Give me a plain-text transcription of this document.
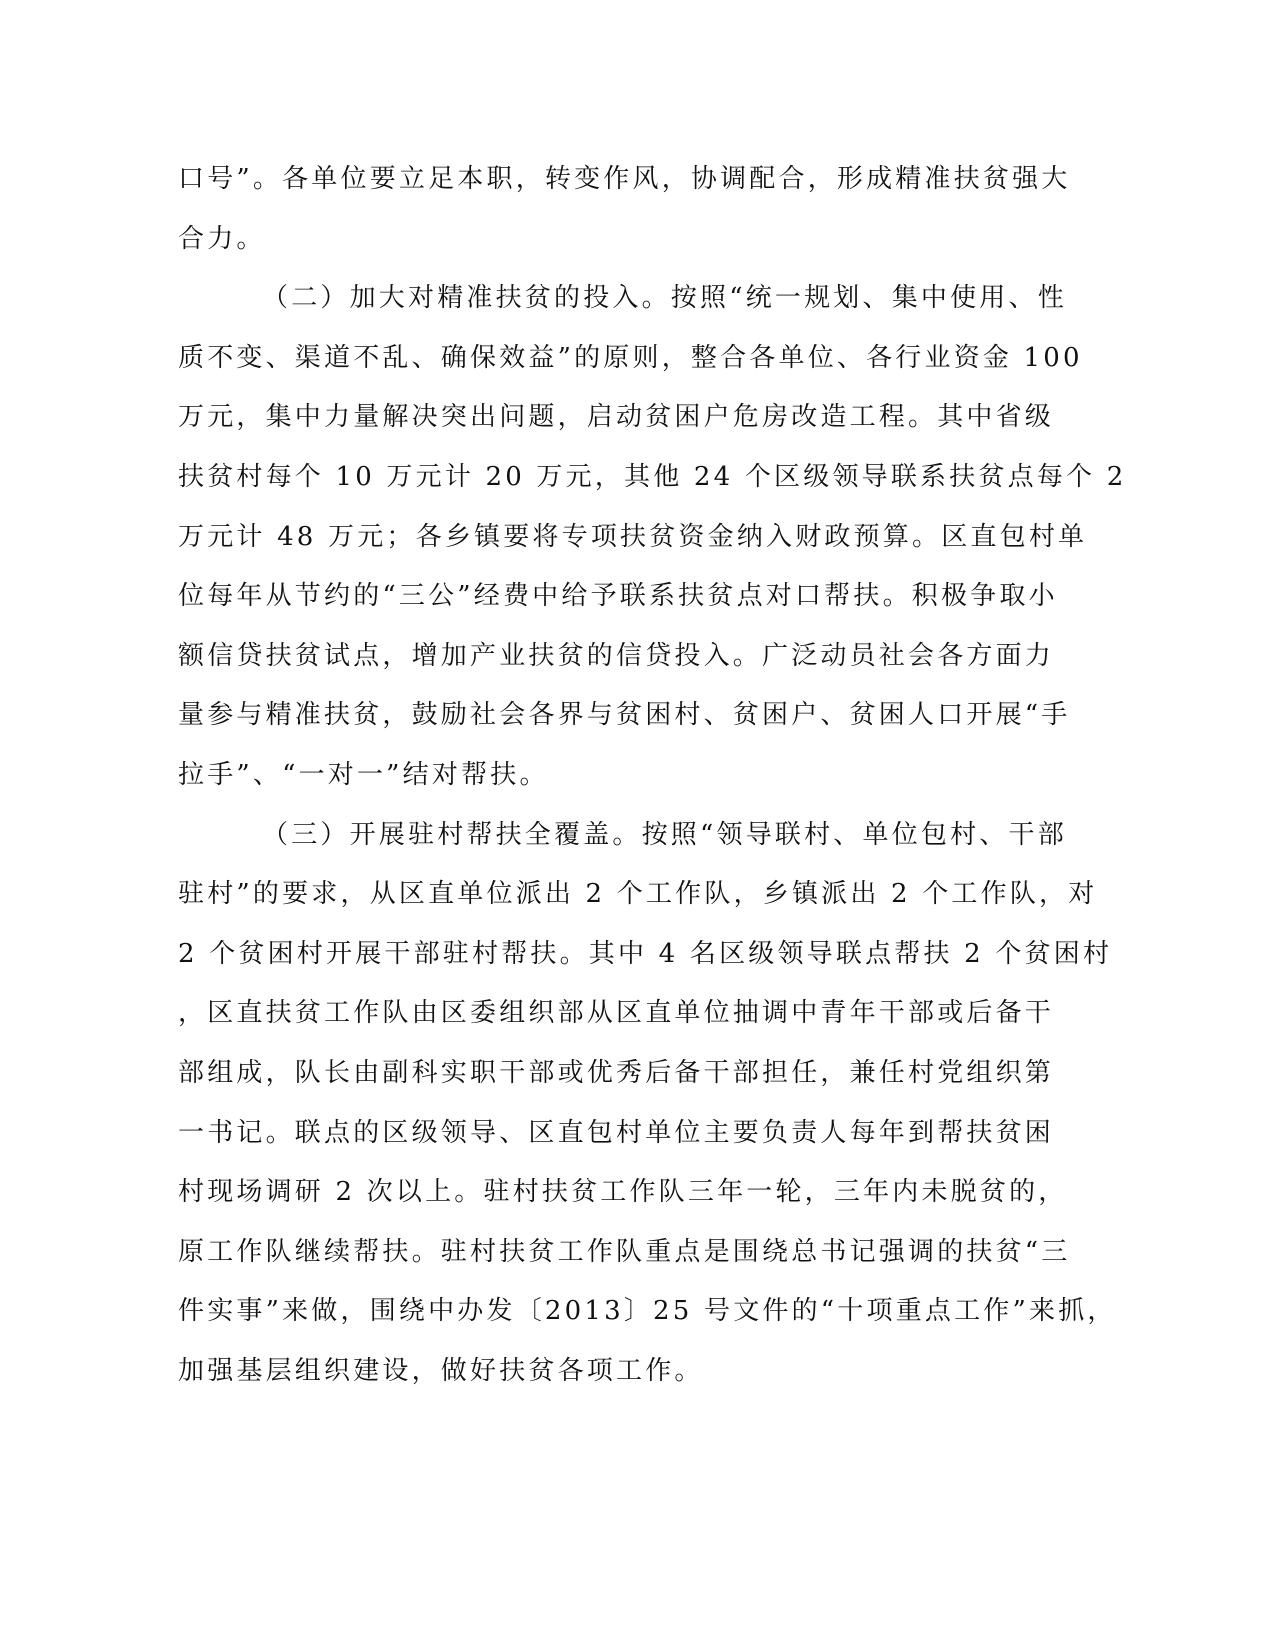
口号”。各单位要立足本职，转变作风，协调配合，形成精准扶贫强大
合力。
（二）加大对精准扶贫的投入。按照“统一规划、集中使用、性
质不变、渠道不乱、确保效益”的原则，整合各单位、各行业资金 100
万元，集中力量解决突出问题，启动贫困户危房改造工程。其中省级
扶贫村每个 10 万元计 20 万元，其他 24 个区级领导联系扶贫点每个 2
万元计 48 万元；各乡镇要将专项扶贫资金纳入财政预算。区直包村单
位每年从节约的“三公”经费中给予联系扶贫点对口帮扶。积极争取小
额信贷扶贫试点，增加产业扶贫的信贷投入。广泛动员社会各方面力
量参与精准扶贫，鼓励社会各界与贫困村、贫困户、贫困人口开展“手
拉手”、“一对一”结对帮扶。
（三）开展驻村帮扶全覆盖。按照“领导联村、单位包村、干部
驻村”的要求，从区直单位派出 2 个工作队，乡镇派出 2 个工作队，对
2 个贫困村开展干部驻村帮扶。其中 4 名区级领导联点帮扶 2 个贫困村
，区直扶贫工作队由区委组织部从区直单位抽调中青年干部或后备干
部组成，队长由副科实职干部或优秀后备干部担任，兼任村党组织第
一书记。联点的区级领导、区直包村单位主要负责人每年到帮扶贫困
村现场调研 2 次以上。驻村扶贫工作队三年一轮，三年内未脱贫的，
原工作队继续帮扶。驻村扶贫工作队重点是围绕总书记强调的扶贫“三
件实事”来做，围绕中办发〔2013〕25 号文件的“十项重点工作”来抓，
加强基层组织建设，做好扶贫各项工作。
